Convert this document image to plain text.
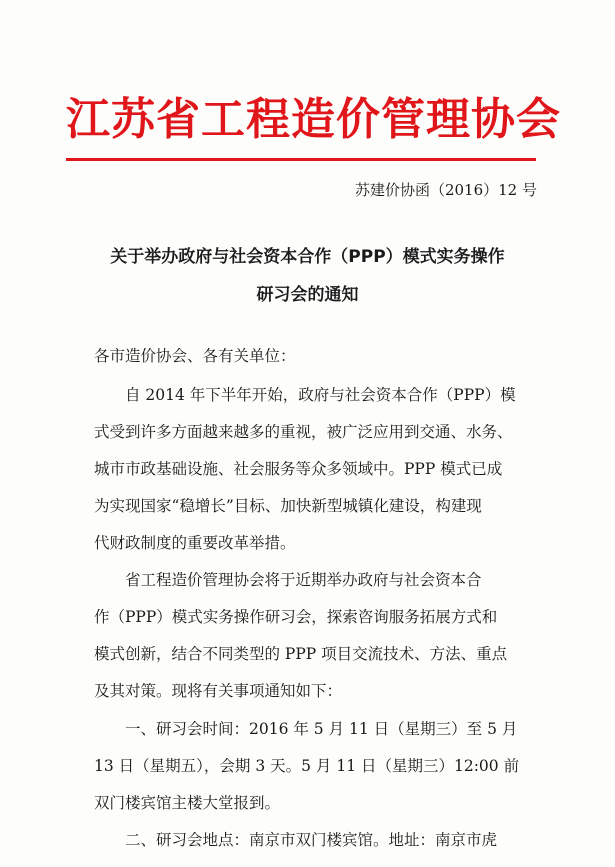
江苏省工程造价管理协会
苏建价协函（2016）12 号
关于举办政府与社会资本合作（PPP）模式实务操作
研习会的通知
各市造价协会、各有关单位：
自 2014 年下半年开始，政府与社会资本合作（PPP）模
式受到许多方面越来越多的重视，被广泛应用到交通、水务、
城市市政基础设施、社会服务等众多领域中。PPP 模式已成
为实现国家“稳增长”目标、加快新型城镇化建设，构建现
代财政制度的重要改革举措。
省工程造价管理协会将于近期举办政府与社会资本合
作（PPP）模式实务操作研习会，探索咨询服务拓展方式和
模式创新，结合不同类型的 PPP 项目交流技术、方法、重点
及其对策。现将有关事项通知如下：
一、研习会时间：2016 年 5 月 11 日（星期三）至 5 月
13 日（星期五），会期 3 天。5 月 11 日（星期三）12:00 前
双门楼宾馆主楼大堂报到。
二、研习会地点：南京市双门楼宾馆。地址：南京市虎
